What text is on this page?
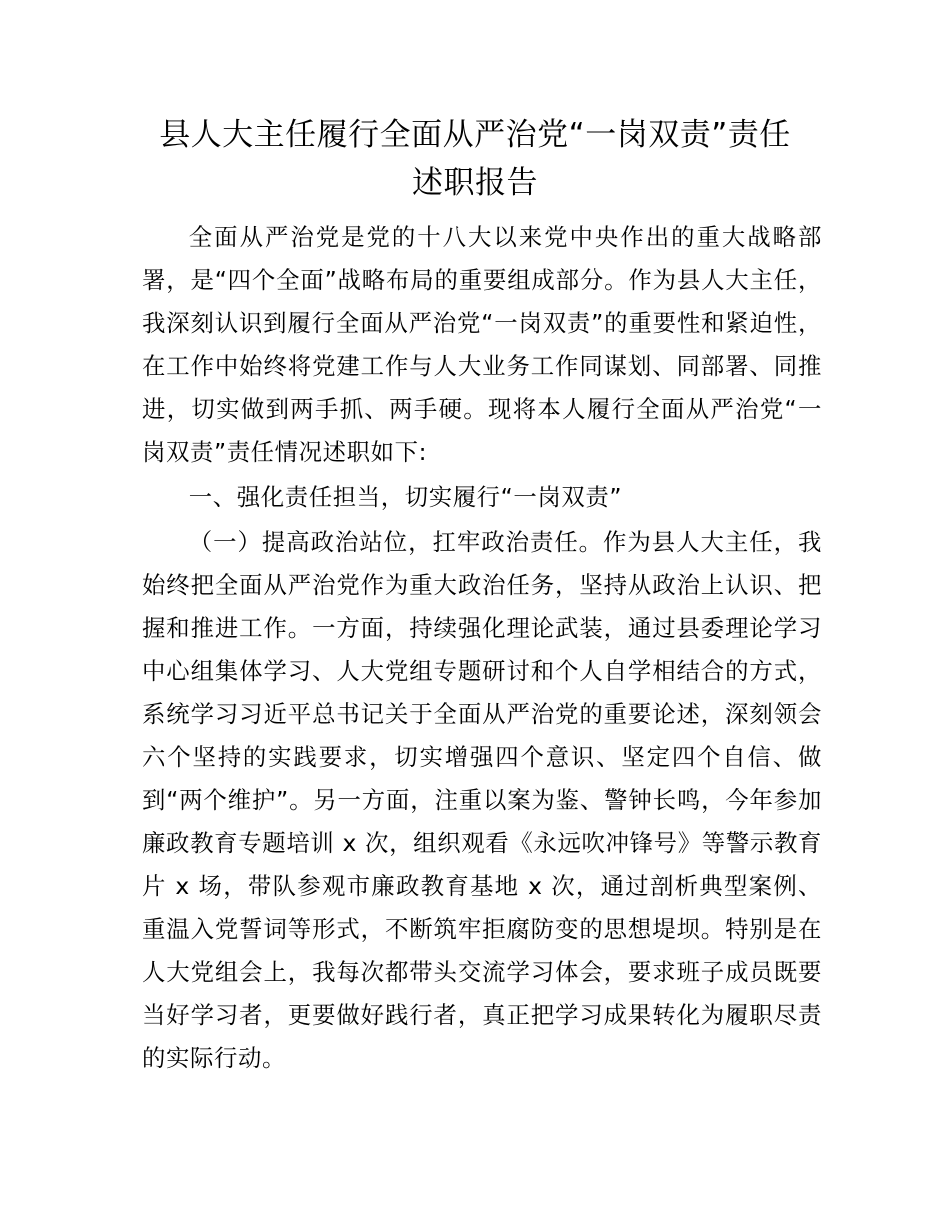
县人大主任履行全面从严治党“一岗双责”责任
述职报告

全面从严治党是党的十八大以来党中央作出的重大战略部署，是“四个全面”战略布局的重要组成部分。作为县人大主任，我深刻认识到履行全面从严治党“一岗双责”的重要性和紧迫性，在工作中始终将党建工作与人大业务工作同谋划、同部署、同推进，切实做到两手抓、两手硬。现将本人履行全面从严治党“一岗双责”责任情况述职如下:

一、强化责任担当，切实履行“一岗双责”

（一）提高政治站位，扛牢政治责任。作为县人大主任，我始终把全面从严治党作为重大政治任务，坚持从政治上认识、把握和推进工作。一方面，持续强化理论武装，通过县委理论学习中心组集体学习、人大党组专题研讨和个人自学相结合的方式，系统学习习近平总书记关于全面从严治党的重要论述，深刻领会六个坚持的实践要求，切实增强四个意识、坚定四个自信、做到“两个维护”。另一方面，注重以案为鉴、警钟长鸣，今年参加廉政教育专题培训 x 次，组织观看《永远吹冲锋号》等警示教育片 x 场，带队参观市廉政教育基地 x 次，通过剖析典型案例、重温入党誓词等形式，不断筑牢拒腐防变的思想堤坝。特别是在人大党组会上，我每次都带头交流学习体会，要求班子成员既要当好学习者，更要做好践行者，真正把学习成果转化为履职尽责的实际行动。
